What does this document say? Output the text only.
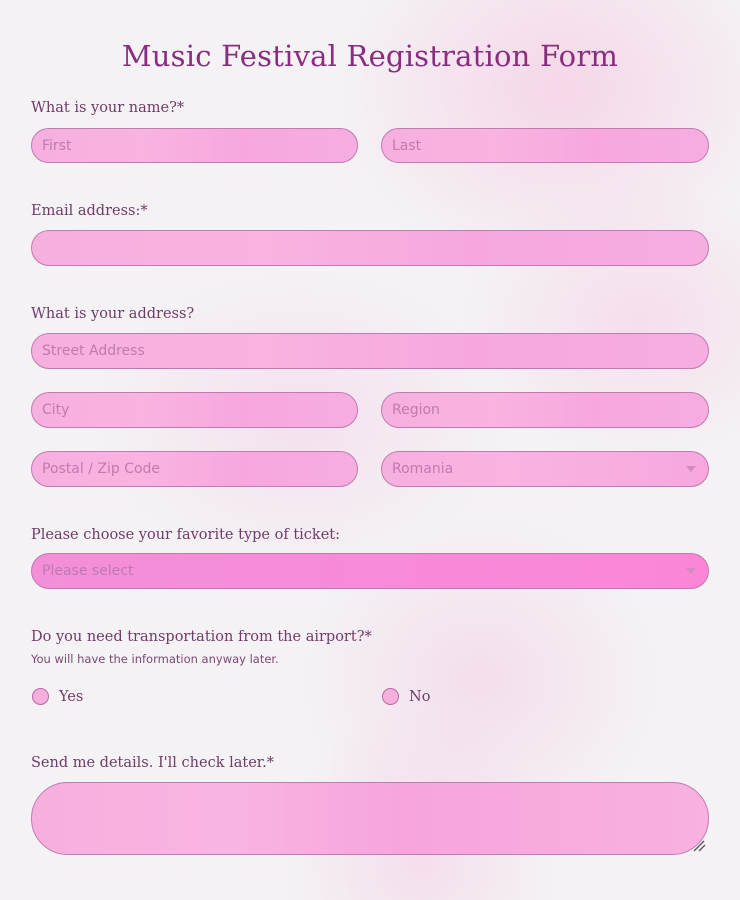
Music Festival Registration Form
What is your name?*
First
Last
Email address:*
What is your address?
Street Address
City
Region
Postal / Zip Code
Romania
Please choose your favorite type of ticket:
Please select
Do you need transportation from the airport?*
You will have the information anyway later.
Yes	No
Send me details. I'll check later.*
